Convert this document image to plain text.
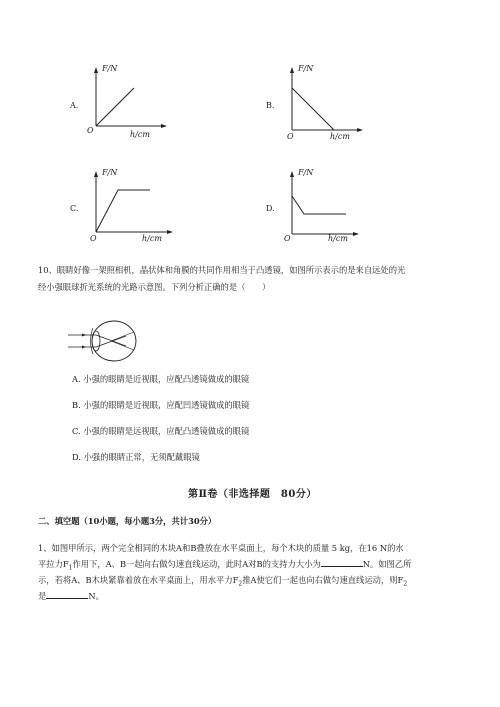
A.
F/N
O	h/cm
B.
F/N
O	h/cm
C.
F/N
O	h/cm
D.
F/N
O	h/cm
10、眼睛好像一架照相机，晶状体和角膜的共同作用相当于凸透镜，如图所示表示的是来自远处的光
经小强眼球折光系统的光路示意图。下列分析正确的是（　　）
A. 小强的眼睛是近视眼，应配凸透镜做成的眼镜
B. 小强的眼睛是近视眼，应配凹透镜做成的眼镜
C. 小强的眼睛是远视眼，应配凸透镜做成的眼镜
D. 小强的眼睛正常，无须配戴眼镜
第Ⅱ卷（非选择题　80分）
二、填空题（10小题，每小题3分，共计30分）
1、如图甲所示，两个完全相同的木块A和B叠放在水平桌面上，每个木块的质量 5 kg，在16 N的水
平拉力$F_1$作用下，A、B一起向右做匀速直线运动，此时A对B的支持力大小为	N。如图乙所
示，若将A、B木块紧靠着放在水平桌面上，用水平力$F_2$推A使它们一起也向右做匀速直线运动，则$F_2$
是	N。
